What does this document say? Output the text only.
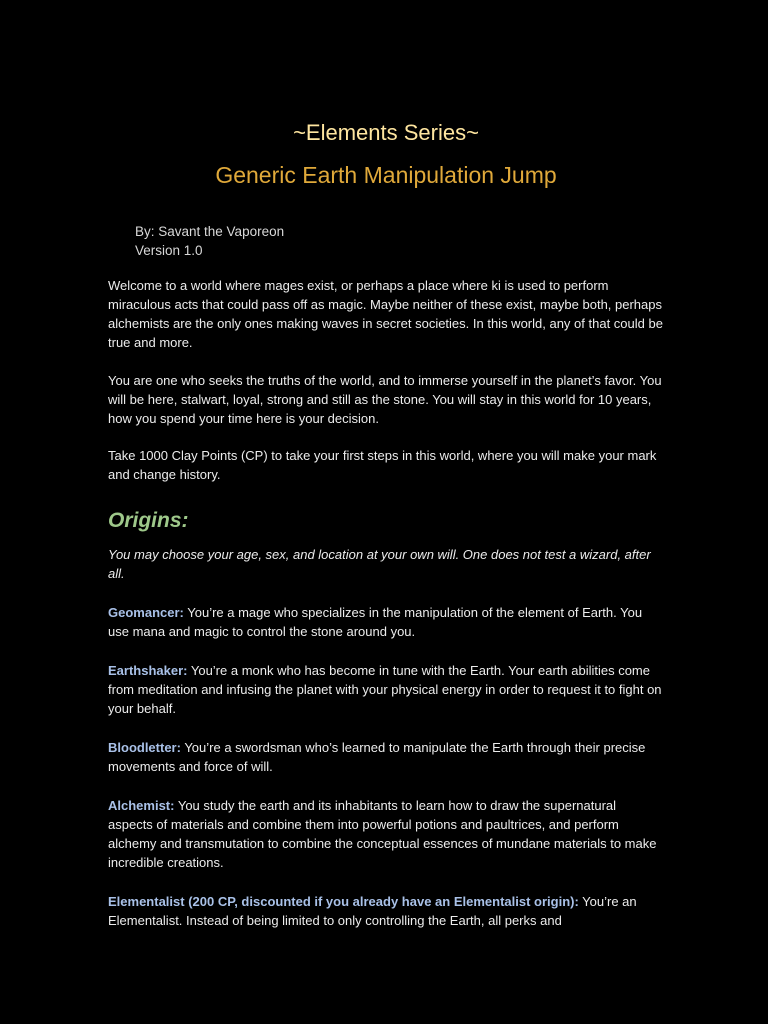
~Elements Series~
Generic Earth Manipulation Jump
By: Savant the Vaporeon
Version 1.0

Welcome to a world where mages exist, or perhaps a place where ki is used to perform miraculous acts that could pass off as magic. Maybe neither of these exist, maybe both, perhaps alchemists are the only ones making waves in secret societies. In this world, any of that could be true and more.

You are one who seeks the truths of the world, and to immerse yourself in the planet’s favor. You will be here, stalwart, loyal, strong and still as the stone. You will stay in this world for 10 years, how you spend your time here is your decision.

Take 1000 Clay Points (CP) to take your first steps in this world, where you will make your mark and change history.

Origins:

You may choose your age, sex, and location at your own will. One does not test a wizard, after all.

Geomancer: You’re a mage who specializes in the manipulation of the element of Earth. You use mana and magic to control the stone around you.

Earthshaker: You’re a monk who has become in tune with the Earth. Your earth abilities come from meditation and infusing the planet with your physical energy in order to request it to fight on your behalf.

Bloodletter: You’re a swordsman who’s learned to manipulate the Earth through their precise movements and force of will.

Alchemist: You study the earth and its inhabitants to learn how to draw the supernatural aspects of materials and combine them into powerful potions and paultrices, and perform alchemy and transmutation to combine the conceptual essences of mundane materials to make incredible creations.

Elementalist (200 CP, discounted if you already have an Elementalist origin): You’re an Elementalist. Instead of being limited to only controlling the Earth, all perks and
